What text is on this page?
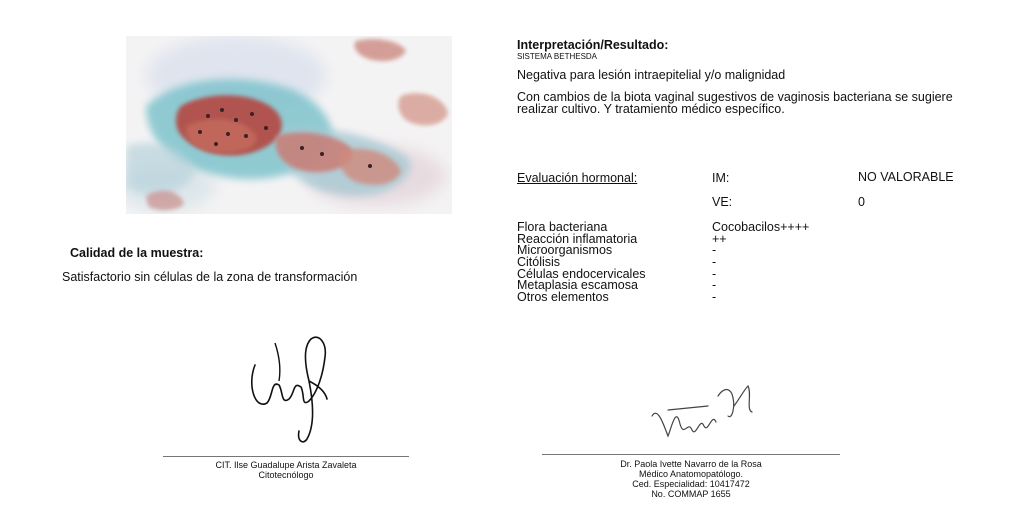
Calidad de la muestra:
Satisfactorio sin células de la zona de transformación
Interpretación/Resultado:
SISTEMA BETHESDA
Negativa para lesión intraepitelial y/o malignidad
Con cambios de la biota vaginal sugestivos de vaginosis bacteriana se sugiere realizar cultivo. Y tratamiento médico específico.
Evaluación hormonal:	IM:	NO VALORABLE
VE:	0
Flora bacteriana	Cocobacilos++++
Reacción inflamatoria	++
Microorganismos	-
Citólisis	-
Células endocervicales	-
Metaplasia escamosa	-
Otros elementos	-
CIT. Ilse Guadalupe Arista Zavaleta
Citotecnólogo
Dr. Paola Ivette Navarro de la Rosa
Médico Anatomopatólogo.
Ced. Especialidad: 10417472
No. COMMAP 1655
